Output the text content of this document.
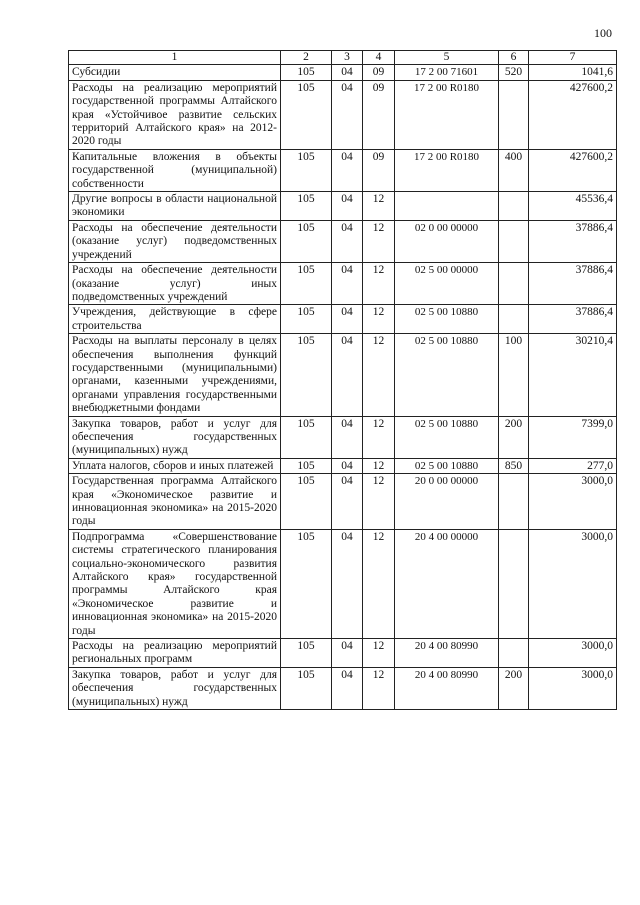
100
1	2	3	4	5	6	7
Субсидии	105	04	09	17 2 00 71601	520	1041,6
Расходы на реализацию мероприятий государственной программы Алтайского края «Устойчивое развитие сельских территорий Алтайского края» на 2012-2020 годы	105	04	09	17 2 00 R0180		427600,2
Капитальные вложения в объекты государственной (муниципальной) собственности	105	04	09	17 2 00 R0180	400	427600,2
Другие вопросы в области национальной экономики	105	04	12			45536,4
Расходы на обеспечение деятельности (оказание услуг) подведомственных учреждений	105	04	12	02 0 00 00000		37886,4
Расходы на обеспечение деятельности (оказание услуг) иных подведомственных учреждений	105	04	12	02 5 00 00000		37886,4
Учреждения, действующие в сфере строительства	105	04	12	02 5 00 10880		37886,4
Расходы на выплаты персоналу в целях обеспечения выполнения функций государственными (муниципальными) органами, казенными учреждениями, органами управления государственными внебюджетными фондами	105	04	12	02 5 00 10880	100	30210,4
Закупка товаров, работ и услуг для обеспечения государственных (муниципальных) нужд	105	04	12	02 5 00 10880	200	7399,0
Уплата налогов, сборов и иных платежей	105	04	12	02 5 00 10880	850	277,0
Государственная программа Алтайского края «Экономическое развитие и инновационная экономика» на 2015-2020 годы	105	04	12	20 0 00 00000		3000,0
Подпрограмма «Совершенствование системы стратегического планирования социально-экономического развития Алтайского края» государственной программы Алтайского края «Экономическое развитие и инновационная экономика» на 2015-2020 годы	105	04	12	20 4 00 00000		3000,0
Расходы на реализацию мероприятий региональных программ	105	04	12	20 4 00 80990		3000,0
Закупка товаров, работ и услуг для обеспечения государственных (муниципальных) нужд	105	04	12	20 4 00 80990	200	3000,0
